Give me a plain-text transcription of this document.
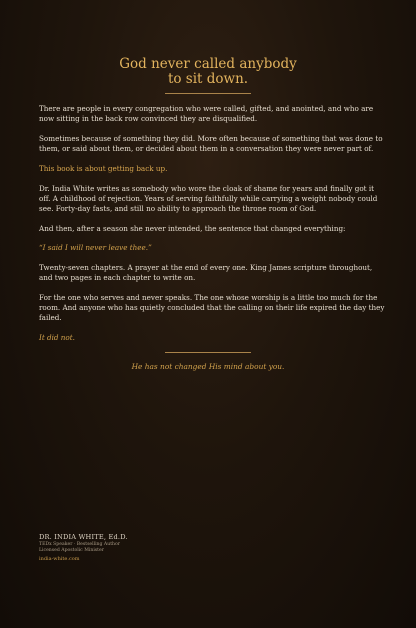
God never called anybody
to sit down.

There are people in every congregation who were called, gifted, and anointed, and who are now sitting in the back row convinced they are disqualified.

Sometimes because of something they did. More often because of something that was done to them, or said about them, or decided about them in a conversation they were never part of.

This book is about getting back up.

Dr. India White writes as somebody who wore the cloak of shame for years and finally got it off. A childhood of rejection. Years of serving faithfully while carrying a weight nobody could see. Forty-day fasts, and still no ability to approach the throne room of God.

And then, after a season she never intended, the sentence that changed everything:

“I said I will never leave thee.”

Twenty-seven chapters. A prayer at the end of every one. King James scripture throughout, and two pages in each chapter to write on.

For the one who serves and never speaks. The one whose worship is a little too much for the room. And anyone who has quietly concluded that the calling on their life expired the day they failed.

It did not.

He has not changed His mind about you.
DR. INDIA WHITE, Ed.D.
TEDx Speaker · Bestselling Author
Licensed Apostolic Minister
india-white.com
